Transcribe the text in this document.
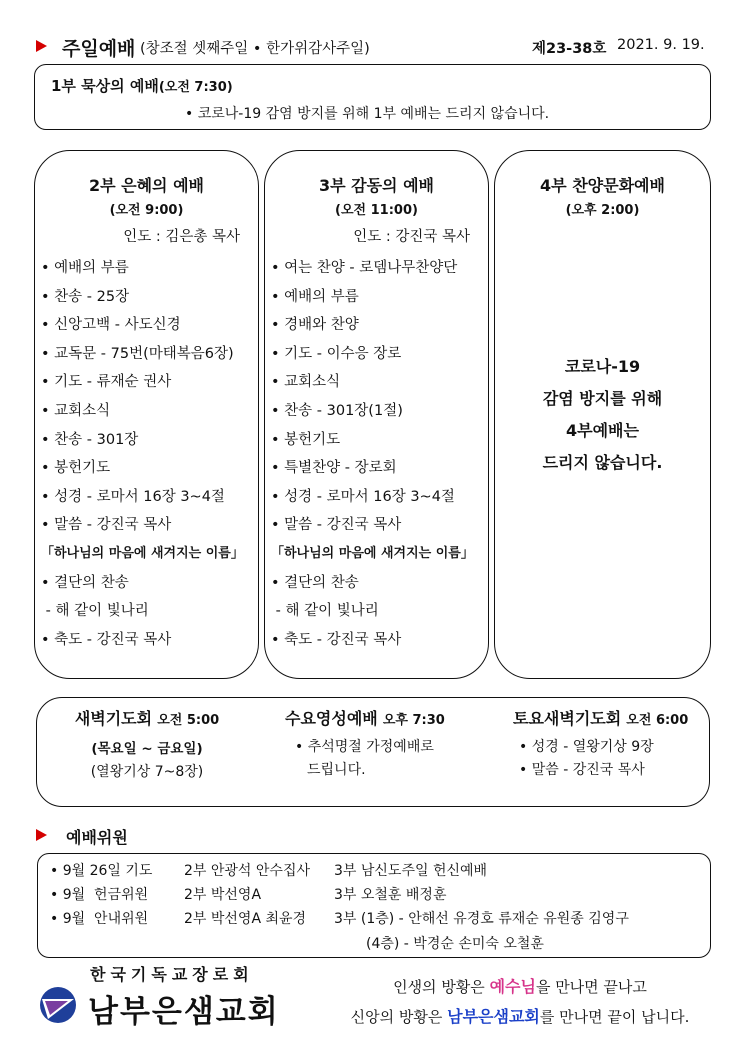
주일예배 (창조절 셋째주일 • 한가위감사주일)	제23-38호 2021. 9. 19.
1부 묵상의 예배(오전 7:30)
• 코로나-19 감염 방지를 위해 1부 예배는 드리지 않습니다.
2부 은혜의 예배
(오전 9:00)
인도 : 김은총 목사
• 예배의 부름
• 찬송 - 25장
• 신앙고백 - 사도신경
• 교독문 - 75번(마태복음6장)
• 기도 - 류재순 권사
• 교회소식
• 찬송 - 301장
• 봉헌기도
• 성경 - 로마서 16장 3~4절
• 말씀 - 강진국 목사
「하나님의 마음에 새겨지는 이름」
• 결단의 찬송
- 해 같이 빛나리
• 축도 - 강진국 목사
3부 감동의 예배
(오전 11:00)
인도 : 강진국 목사
• 여는 찬양 - 로뎀나무찬양단
• 예배의 부름
• 경배와 찬양
• 기도 - 이수응 장로
• 교회소식
• 찬송 - 301장(1절)
• 봉헌기도
• 특별찬양 - 장로회
• 성경 - 로마서 16장 3~4절
• 말씀 - 강진국 목사
「하나님의 마음에 새겨지는 이름」
• 결단의 찬송
- 해 같이 빛나리
• 축도 - 강진국 목사
4부 찬양문화예배
(오후 2:00)
코로나-19
감염 방지를 위해
4부예배는
드리지 않습니다.
새벽기도회 오전 5:00
(목요일 ~ 금요일)
(열왕기상 7~8장)
수요영성예배 오후 7:30
• 추석명절 가정예배로
드립니다.
토요새벽기도회 오전 6:00
• 성경 - 열왕기상 9장
• 말씀 - 강진국 목사
예배위원
• 9월 26일 기도 2부 안광석 안수집사 3부 남신도주일 헌신예배
• 9월  헌금위원	2부 박선영A	3부 오철훈 배정훈
• 9월  안내위원	2부 박선영A 최윤경 3부 (1층) - 안해선 유경호 류재순 유원종 김영구
(4층) - 박경순 손미숙 오철훈
한국기독교장로회
남부은샘교회
인생의 방황은 예수님을 만나면 끝나고
신앙의 방황은 남부은샘교회를 만나면 끝이 납니다.
